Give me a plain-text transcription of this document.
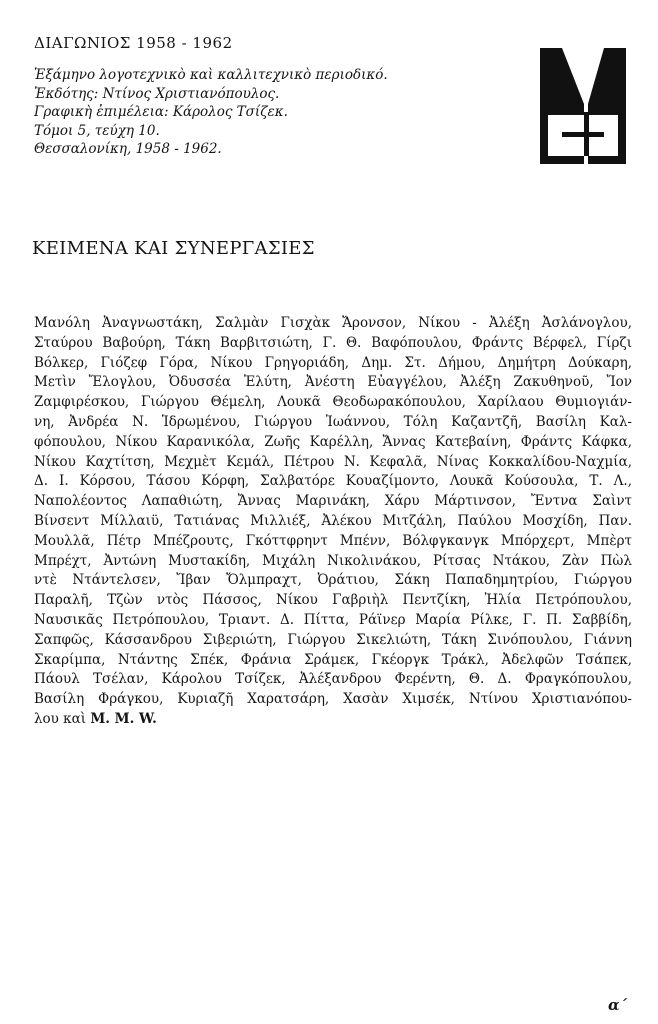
ΔΙΑΓΩΝΙΟΣ 1958 - 1962
Ἑξάμηνο λογοτεχνικὸ καὶ καλλιτεχνικὸ περιοδικό.
Ἐκδότης: Ντίνος Χριστιανόπουλος.
Γραφικὴ ἐπιμέλεια: Κάρολος Τσίζεκ.
Τόμοι 5, τεύχη 10.
Θεσσαλονίκη, 1958 - 1962.
ΚΕΙΜΕΝΑ ΚΑΙ ΣΥΝΕΡΓΑΣΙΕΣ
Μανόλη Ἀναγνωστάκη, Σαλμὰν Γισχὰκ Ἄρονσον, Νίκου - Ἀλέξη Ἀσλάνογλου,
Σταύρου Βαβούρη, Τάκη Βαρβιτσιώτη, Γ. Θ. Βαφόπουλου, Φράντς Βέρφελ, Γίρζι
Βόλκερ, Γιόζεφ Γόρα, Νίκου Γρηγοριάδη, Δημ. Στ. Δήμου, Δημήτρη Δούκαρη,
Μετὶν Ἔλογλου, Ὀδυσσέα Ἐλύτη, Ἀνέστη Εὐαγγέλου, Ἀλέξη Ζακυθηνοῦ, Ἴον
Ζαμφιρέσκου, Γιώργου Θέμελη, Λουκᾶ Θεοδωρακόπουλου, Χαρίλαου Θυμιογιάν-
νη, Ἀνδρέα Ν. Ἱδρωμένου, Γιώργου Ἰωάννου, Τόλη Καζαντζῆ, Βασίλη Καλ-
φόπουλου, Νίκου Καρανικόλα, Ζωῆς Καρέλλη, Ἄννας Κατεβαίνη, Φράντς Κάφκα,
Νίκου Καχτίτση, Μεχμὲτ Κεμάλ, Πέτρου Ν. Κεφαλᾶ, Νίνας Κοκκαλίδου-Ναχμία,
Δ. Ι. Κόρσου, Τάσου Κόρφη, Σαλβατόρε Κουαζίμοντο, Λουκᾶ Κούσουλα, Τ. Λ.,
Ναπολέοντος Λαπαθιώτη, Ἄννας Μαρινάκη, Χάρυ Μάρτινσον, Ἔντνα Σαὶντ
Βίνσεντ Μίλλαιϋ, Τατιάνας Μιλλιέξ, Ἀλέκου Μιτζάλη, Παύλου Μοσχίδη, Παν.
Μουλλᾶ, Πέτρ Μπέζρουτς, Γκόττφρηντ Μπένν, Βόλφγκανγκ Μπόρχερτ, Μπὲρτ
Μπρέχτ, Ἀντώνη Μυστακίδη, Μιχάλη Νικολινάκου, Ρίτσας Ντάκου, Ζὰν Πὼλ
ντὲ Ντάντελσεν, Ἴβαν Ὄλμπραχτ, Ὀράτιου, Σάκη Παπαδημητρίου, Γιώργου
Παραλῆ, Τζὼν ντὸς Πάσσος, Νίκου Γαβριὴλ Πεντζίκη, Ἠλία Πετρόπουλου,
Ναυσικᾶς Πετρόπουλου, Τριαντ. Δ. Πίττα, Ράϊνερ Μαρία Ρίλκε, Γ. Π. Σαββίδη,
Σαπφῶς, Κάσσανδρου Σιβεριώτη, Γιώργου Σικελιώτη, Τάκη Σινόπουλου, Γιάννη
Σκαρίμπα, Ντάντης Σπέκ, Φράνια Σράμεκ, Γκέοργκ Τράκλ, Ἀδελφῶν Τσάπεκ,
Πάουλ Τσέλαν, Κάρολου Τσίζεκ, Ἀλέξανδρου Φερέντη, Θ. Δ. Φραγκόπουλου,
Βασίλη Φράγκου, Κυριαζῆ Χαρατσάρη, Χασὰν Χιμσέκ, Ντίνου Χριστιανόπου-
λου καὶ Μ. Μ. W.
α΄
